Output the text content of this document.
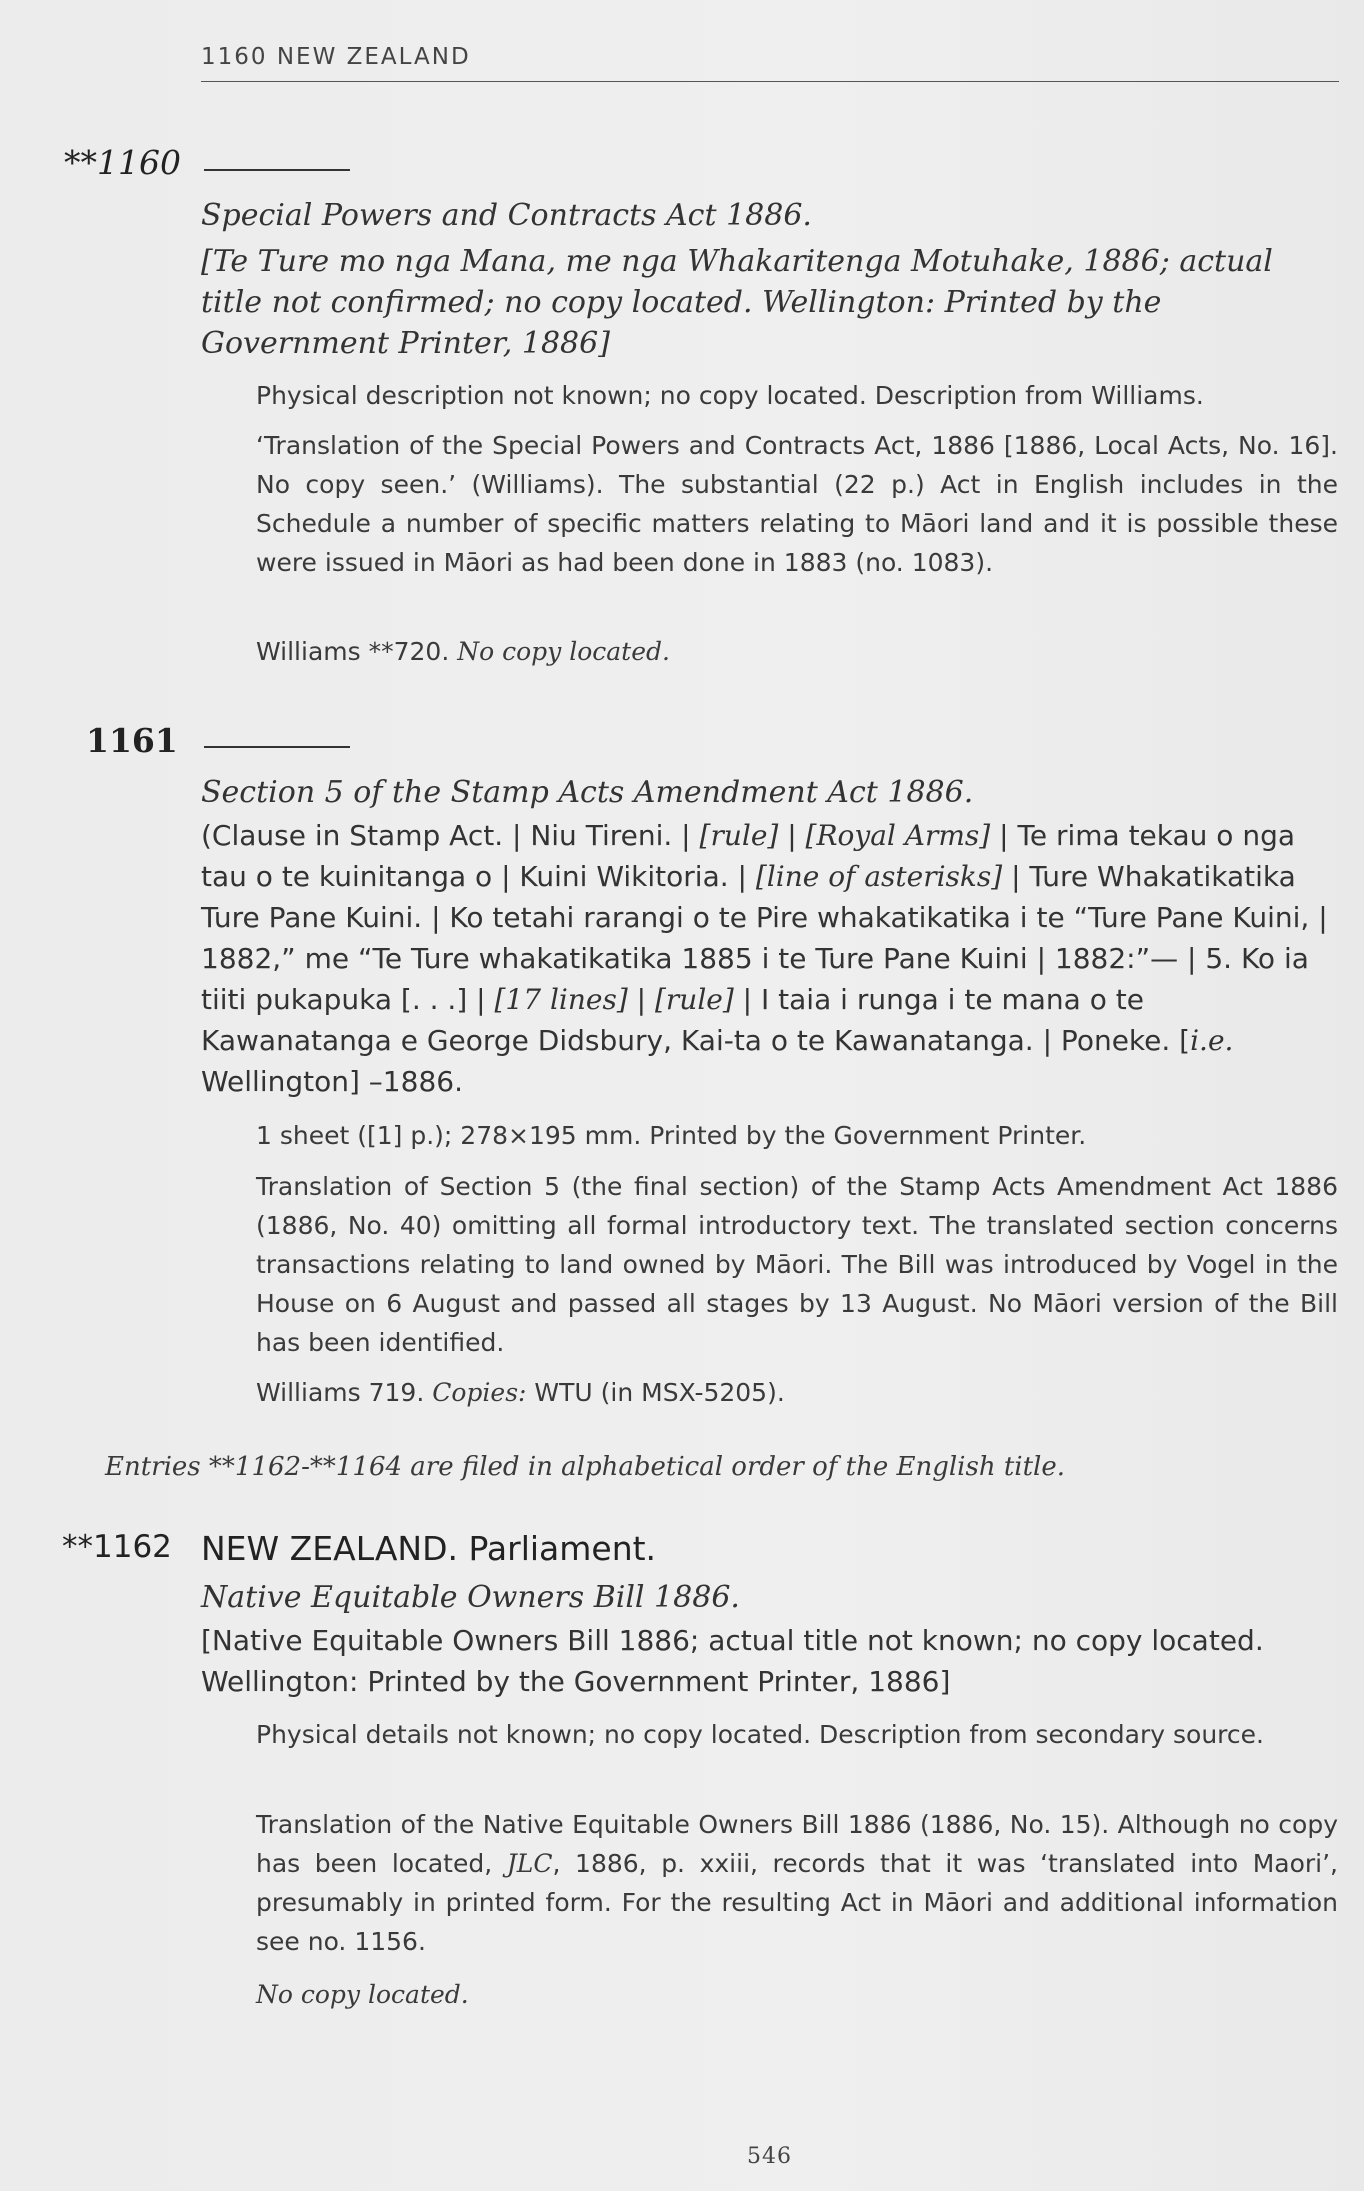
1160 NEW ZEALAND
**1160

Special Powers and Contracts Act 1886.

[Te Ture mo nga Mana, me nga Whakaritenga Motuhake, 1886; actual title not confirmed; no copy located. Wellington: Printed by the Government Printer, 1886]

Physical description not known; no copy located. Description from Williams.

‘Translation of the Special Powers and Contracts Act, 1886 [1886, Local Acts, No. 16]. No copy seen.’ (Williams). The substantial (22 p.) Act in English includes in the Schedule a number of specific matters relating to Māori land and it is possible these were issued in Māori as had been done in 1883 (no. 1083).

Williams **720. No copy located.

1161

Section 5 of the Stamp Acts Amendment Act 1886.

(Clause in Stamp Act. | Niu Tireni. | [rule] | [Royal Arms] | Te rima tekau o nga tau o te kuinitanga o | Kuini Wikitoria. | [line of asterisks] | Ture Whakatikatika Ture Pane Kuini. | Ko tetahi rarangi o te Pire whakatikatika i te “Ture Pane Kuini, | 1882,” me “Te Ture whakatikatika 1885 i te Ture Pane Kuini | 1882:”— | 5. Ko ia tiiti pukapuka [. . .] | [17 lines] | [rule] | I taia i runga i te mana o te Kawanatanga e George Didsbury, Kai-ta o te Kawanatanga. | Poneke. [i.e. Wellington] –1886.

1 sheet ([1] p.); 278×195 mm. Printed by the Government Printer.

Translation of Section 5 (the final section) of the Stamp Acts Amendment Act 1886 (1886, No. 40) omitting all formal introductory text. The translated section concerns transactions relating to land owned by Māori. The Bill was introduced by Vogel in the House on 6 August and passed all stages by 13 August. No Māori version of the Bill has been identified.

Williams 719. Copies: WTU (in MSX-5205).

Entries **1162-**1164 are filed in alphabetical order of the English title.

**1162 NEW ZEALAND. Parliament.

Native Equitable Owners Bill 1886.

[Native Equitable Owners Bill 1886; actual title not known; no copy located. Wellington: Printed by the Government Printer, 1886]

Physical details not known; no copy located. Description from secondary source.

Translation of the Native Equitable Owners Bill 1886 (1886, No. 15). Although no copy has been located, JLC, 1886, p. xxiii, records that it was ‘translated into Maori’, presumably in printed form. For the resulting Act in Māori and additional information see no. 1156.

No copy located.

546
